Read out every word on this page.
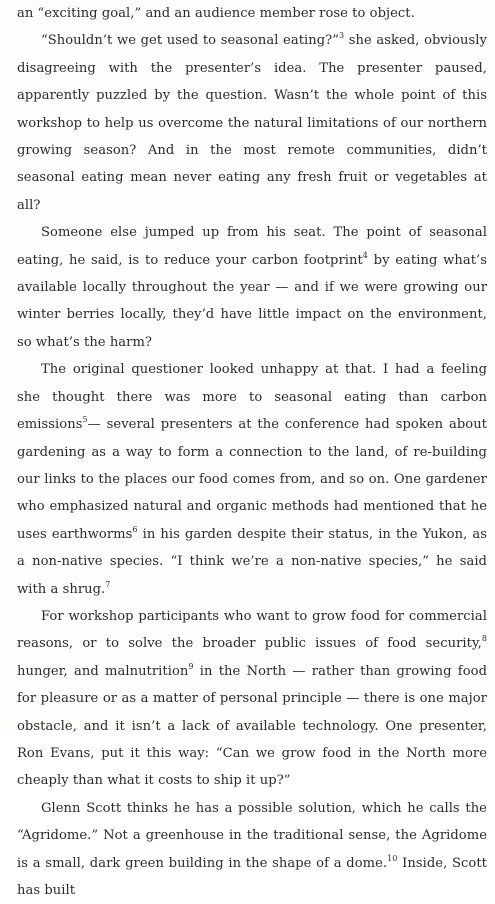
an “exciting goal,” and an audience member rose to object.

“Shouldn’t we get used to seasonal eating?”$^3$ she asked, obviously disagreeing with the presenter’s idea. The presenter paused, apparently puzzled by the question. Wasn’t the whole point of this workshop to help us overcome the natural limitations of our northern growing season? And in the most remote communities, didn’t seasonal eating mean never eating any fresh fruit or vegetables at all?

Someone else jumped up from his seat. The point of seasonal eating, he said, is to reduce your carbon footprint$^4$ by eating what’s available locally throughout the year — and if we were growing our winter berries locally, they’d have little impact on the environment, so what’s the harm?

The original questioner looked unhappy at that. I had a feeling she thought there was more to seasonal eating than carbon emissions$^5$— several presenters at the conference had spoken about gardening as a way to form a connection to the land, of re-building our links to the places our food comes from, and so on. One gardener who emphasized natural and organic methods had mentioned that he uses earthworms$^6$ in his garden despite their status, in the Yukon, as a non-native species. “I think we’re a non-native species,” he said with a shrug.$^7$

For workshop participants who want to grow food for commercial reasons, or to solve the broader public issues of food security,$^8$ hunger, and malnutrition$^9$ in the North — rather than growing food for pleasure or as a matter of personal principle — there is one major obstacle, and it isn’t a lack of available technology. One presenter, Ron Evans, put it this way: “Can we grow food in the North more cheaply than what it costs to ship it up?”

Glenn Scott thinks he has a possible solution, which he calls the “Agridome.” Not a greenhouse in the traditional sense, the Agridome is a small, dark green building in the shape of a dome.$^{10}$ Inside, Scott has built
